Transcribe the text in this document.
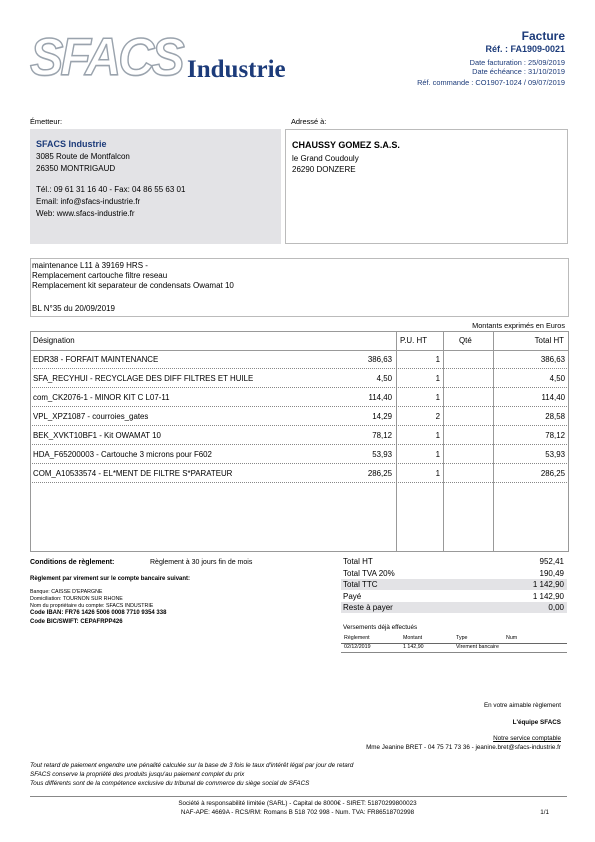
SFACS Industrie
Facture
Réf. : FA1909-0021
Date facturation : 25/09/2019
Date échéance : 31/10/2019
Réf. commande : CO1907-1024 / 09/07/2019
Émetteur:
SFACS Industrie
3085 Route de Montfalcon
26350 MONTRIGAUD
Tél.: 09 61 31 16 40 - Fax: 04 86 55 63 01
Email: info@sfacs-industrie.fr
Web: www.sfacs-industrie.fr
Adressé à:
CHAUSSY GOMEZ S.A.S.
le Grand Coudouly
26290 DONZERE
maintenance L11 à 39169 HRS -
Remplacement cartouche filtre reseau
Remplacement kit separateur de condensats Owamat 10
BL N°35 du 20/09/2019
Montants exprimés en Euros
Désignation	P.U. HT	Qté	Total HT
EDR38 - FORFAIT MAINTENANCE	386,63	1	386,63
SFA_RECYHUI - RECYCLAGE DES DIFF FILTRES ET HUILE	4,50	1	4,50
com_CK2076-1 - MINOR KIT C L07-11	114,40	1	114,40
VPL_XPZ1087 - courroies_gates	14,29	2	28,58
BEK_XVKT10BF1 - Kit OWAMAT 10	78,12	1	78,12
HDA_F65200003 - Cartouche 3 microns pour F602	53,93	1	53,93
COM_A10533574 - EL*MENT DE FILTRE S*PARATEUR	286,25	1	286,25
Conditions de règlement:	Règlement à 30 jours fin de mois
Règlement par virement sur le compte bancaire suivant:
Banque: CAISSE D'EPARGNE
Domiciliation: TOURNON SUR RHONE
Nom du propriétaire du compte: SFACS INDUSTRIE
Code IBAN: FR76 1426 5006 0008 7710 9354 338
Code BIC/SWIFT: CEPAFRPP426
Total HT	952,41
Total TVA 20%	190,49
Total TTC	1 142,90
Payé	1 142,90
Reste à payer	0,00
Versements déjà effectués
Règlement	Montant	Type	Num
02/12/2019	1 142,90	Virement bancaire
En votre aimable règlement
L'équipe SFACS
Notre service comptable
Mme Jeanine BRET - 04 75 71 73 36 - jeanine.bret@sfacs-industrie.fr
Tout retard de paiement engendre une pénalité calculée sur la base de 3 fois le taux d'intérêt légal par jour de retard
SFACS conserve la propriété des produits jusqu'au paiement complet du prix
Tous différents sont de la compétence exclusive du tribunal de commerce du siège social de SFACS
Société à responsabilité limitée (SARL) - Capital de 8000€ - SIRET: 51870299800023
NAF-APE: 4669A - RCS/RM: Romans B 518 702 998 - Num. TVA: FR86518702998	1/1
